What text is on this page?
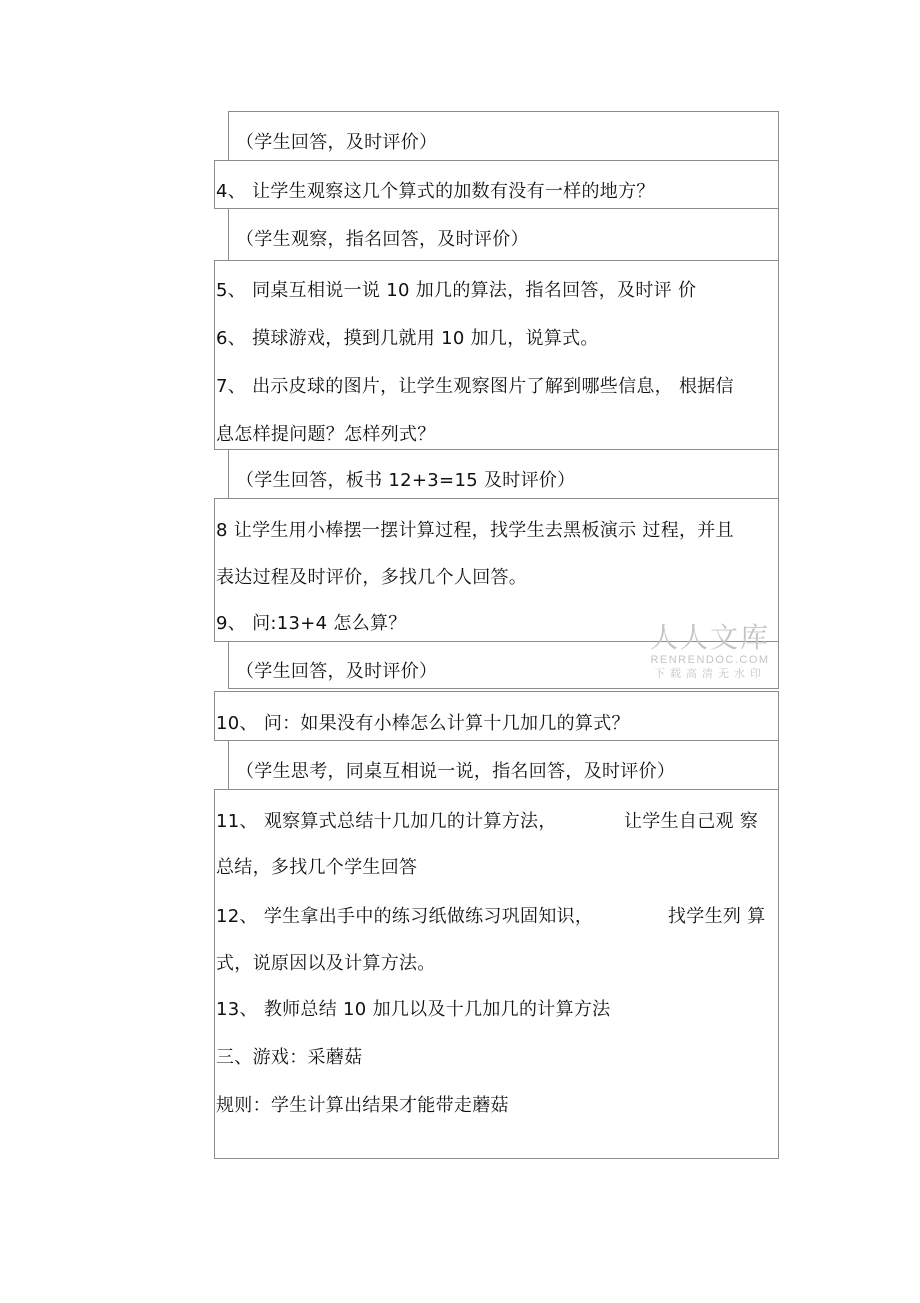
（学生回答，及时评价）
4、 让学生观察这几个算式的加数有没有一样的地方？
（学生观察，指名回答，及时评价）
5、 同桌互相说一说 10 加几的算法，指名回答，及时评 价
6、 摸球游戏，摸到几就用 10 加几，说算式。
7、 出示皮球的图片，让学生观察图片了解到哪些信息， 根据信
息怎样提问题？怎样列式？
（学生回答，板书 12+3=15 及时评价）
8 让学生用小棒摆一摆计算过程，找学生去黑板演示 过程，并且
表达过程及时评价，多找几个人回答。
9、 问:13+4 怎么算？
（学生回答，及时评价）
10、 问：如果没有小棒怎么计算十几加几的算式？
（学生思考，同桌互相说一说，指名回答，及时评价）
11、 观察算式总结十几加几的计算方法，	让学生自己观 察
总结，多找几个学生回答
12、 学生拿出手中的练习纸做练习巩固知识，	找学生列 算
式，说原因以及计算方法。
13、 教师总结 10 加几以及十几加几的计算方法
三、游戏：采蘑菇
规则：学生计算出结果才能带走蘑菇
人人文库
RENRENDOC.COM
下载高清无水印
